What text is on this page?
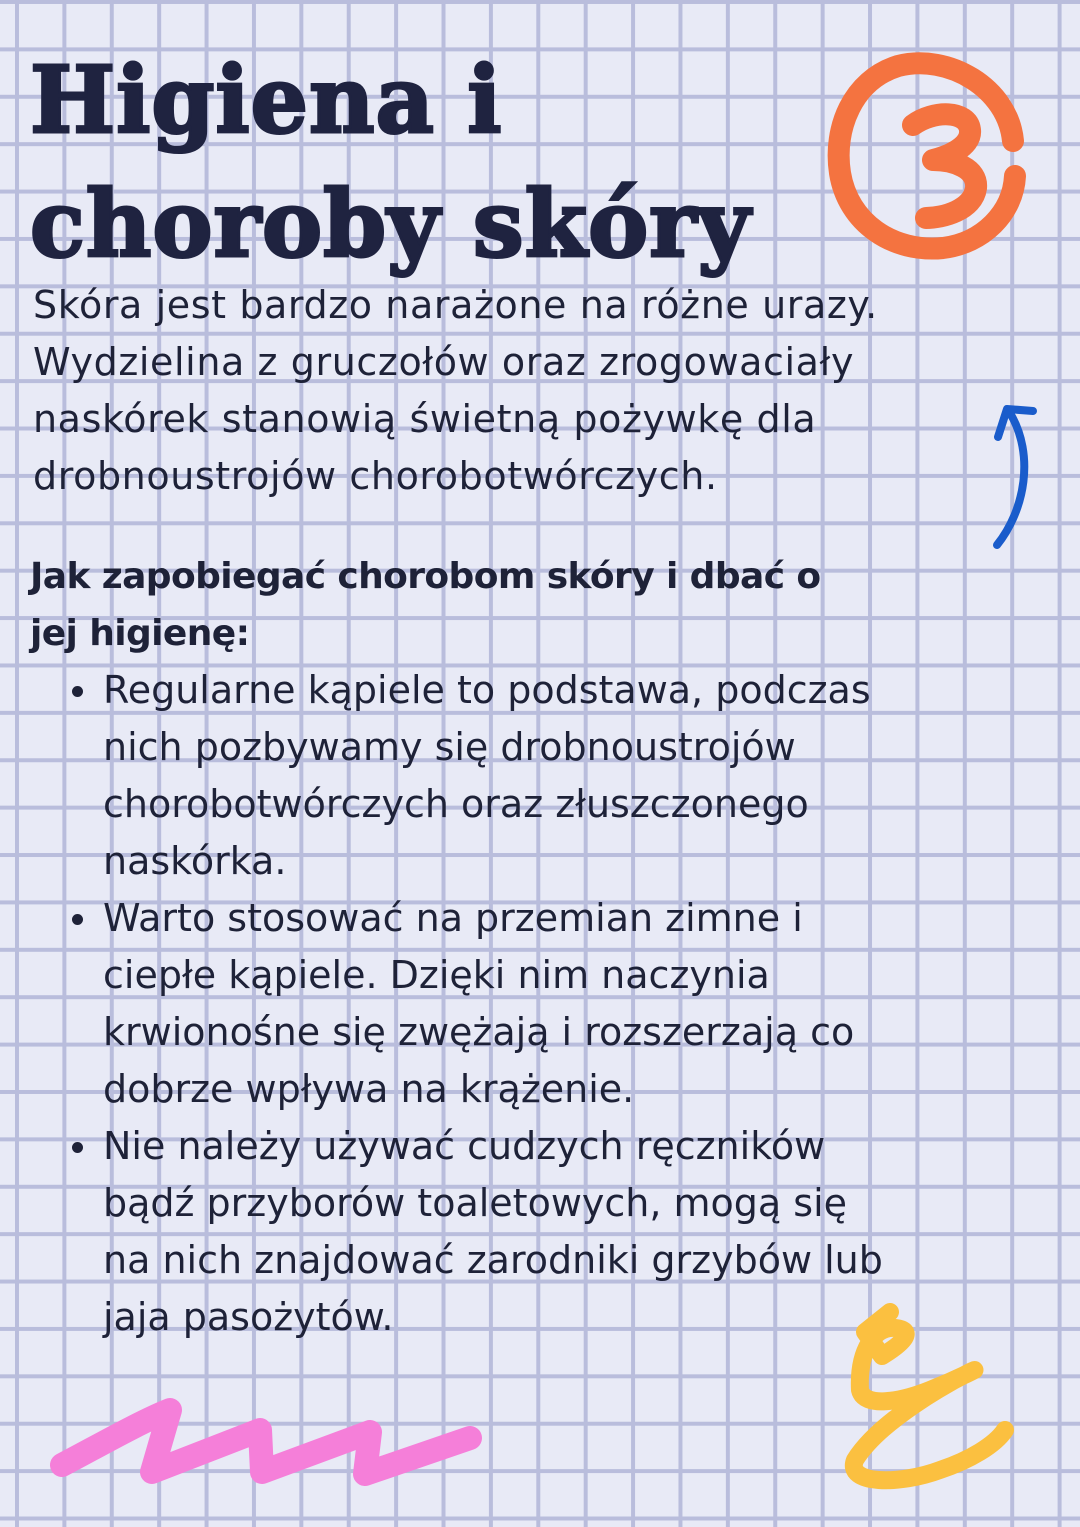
Higiena i
choroby skóry

Skóra jest bardzo narażone na różne urazy.
Wydzielina z gruczołów oraz zrogowaciały
naskórek stanowią świetną pożywkę dla
drobnoustrojów chorobotwórczych.

Jak zapobiegać chorobom skóry i dbać o
jej higienę:
Regularne kąpiele to podstawa, podczas
nich pozbywamy się drobnoustrojów
chorobotwórczych oraz złuszczonego
naskórka.
Warto stosować na przemian zimne i
ciepłe kąpiele. Dzięki nim naczynia
krwionośne się zwężają i rozszerzają co
dobrze wpływa na krążenie.
Nie należy używać cudzych ręczników
bądź przyborów toaletowych, mogą się
na nich znajdować zarodniki grzybów lub
jaja pasożytów.
